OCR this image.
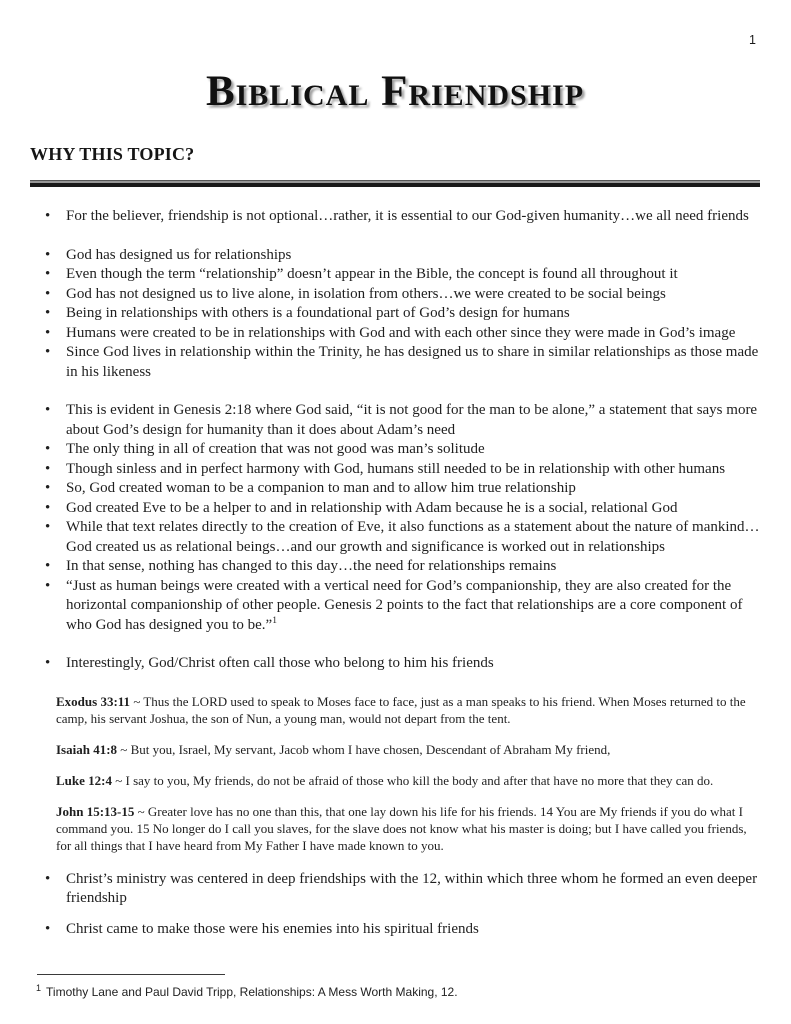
1
Biblical Friendship
WHY THIS TOPIC?
• For the believer, friendship is not optional…rather, it is essential to our God-given humanity…we all need friends
• God has designed us for relationships
• Even though the term “relationship” doesn’t appear in the Bible, the concept is found all throughout it
• God has not designed us to live alone, in isolation from others…we were created to be social beings
• Being in relationships with others is a foundational part of God’s design for humans
• Humans were created to be in relationships with God and with each other since they were made in God’s image
• Since God lives in relationship within the Trinity, he has designed us to share in similar relationships as those made in his likeness
• This is evident in Genesis 2:18 where God said, “it is not good for the man to be alone,” a statement that says more about God’s design for humanity than it does about Adam’s need
• The only thing in all of creation that was not good was man’s solitude
• Though sinless and in perfect harmony with God, humans still needed to be in relationship with other humans
• So, God created woman to be a companion to man and to allow him true relationship
• God created Eve to be a helper to and in relationship with Adam because he is a social, relational God
• While that text relates directly to the creation of Eve, it also functions as a statement about the nature of mankind…God created us as relational beings…and our growth and significance is worked out in relationships
• In that sense, nothing has changed to this day…the need for relationships remains
• “Just as human beings were created with a vertical need for God’s companionship, they are also created for the horizontal companionship of other people. Genesis 2 points to the fact that relationships are a core component of who God has designed you to be.”$^1$
• Interestingly, God/Christ often call those who belong to him his friends

Exodus 33:11 ~ Thus the LORD used to speak to Moses face to face, just as a man speaks to his friend. When Moses returned to the camp, his servant Joshua, the son of Nun, a young man, would not depart from the tent.

Isaiah 41:8 ~ But you, Israel, My servant, Jacob whom I have chosen, Descendant of Abraham My friend,

Luke 12:4 ~ I say to you, My friends, do not be afraid of those who kill the body and after that have no more that they can do.

John 15:13-15 ~ Greater love has no one than this, that one lay down his life for his friends. 14 You are My friends if you do what I command you. 15 No longer do I call you slaves, for the slave does not know what his master is doing; but I have called you friends, for all things that I have heard from My Father I have made known to you.

• Christ’s ministry was centered in deep friendships with the 12, within which three whom he formed an even deeper friendship
• Christ came to make those were his enemies into his spiritual friends
$^1$ Timothy Lane and Paul David Tripp, Relationships: A Mess Worth Making, 12.
